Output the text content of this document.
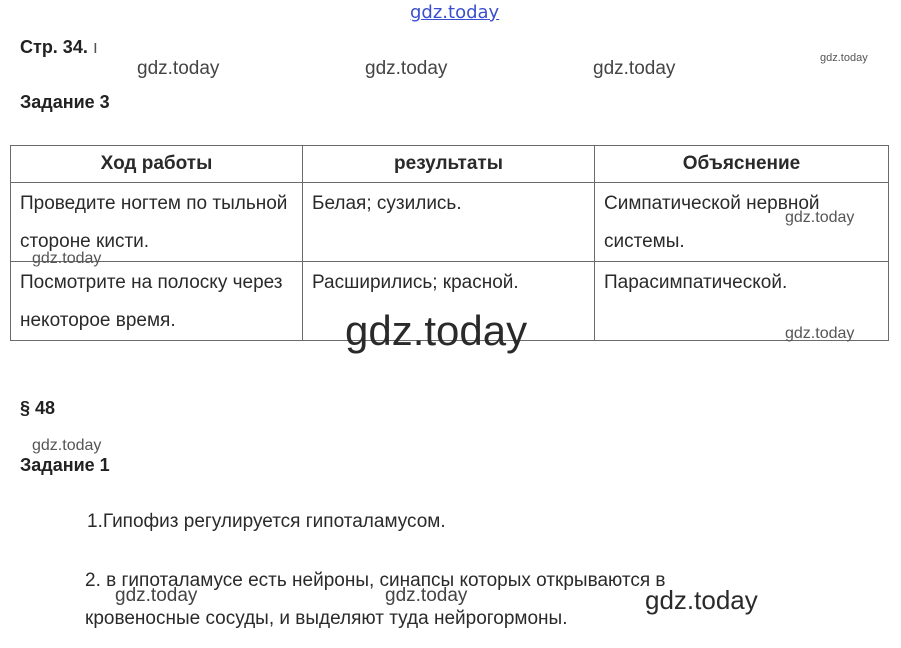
gdz.today
Стр. 34. ı
gdz.today
gdz.today	gdz.today	gdz.today
Задание 3
Ход работы	результаты	Объяснение
Проведите ногтем по тыльной стороне кисти.	Белая; сузились.	Симпатической нервной системы.
Посмотрите на полоску через некоторое время.	Расширились; красной.	Парасимпатической.
gdz.today
gdz.today
gdz.today	gdz.today
§ 48
gdz.today
Задание 1
1.Гипофиз регулируется гипоталамусом.
2. в гипоталамусе есть нейроны, синапсы которых открываются в кровеносные сосуды, и выделяют туда нейрогормоны.
gdz.today	gdz.today	gdz.today
